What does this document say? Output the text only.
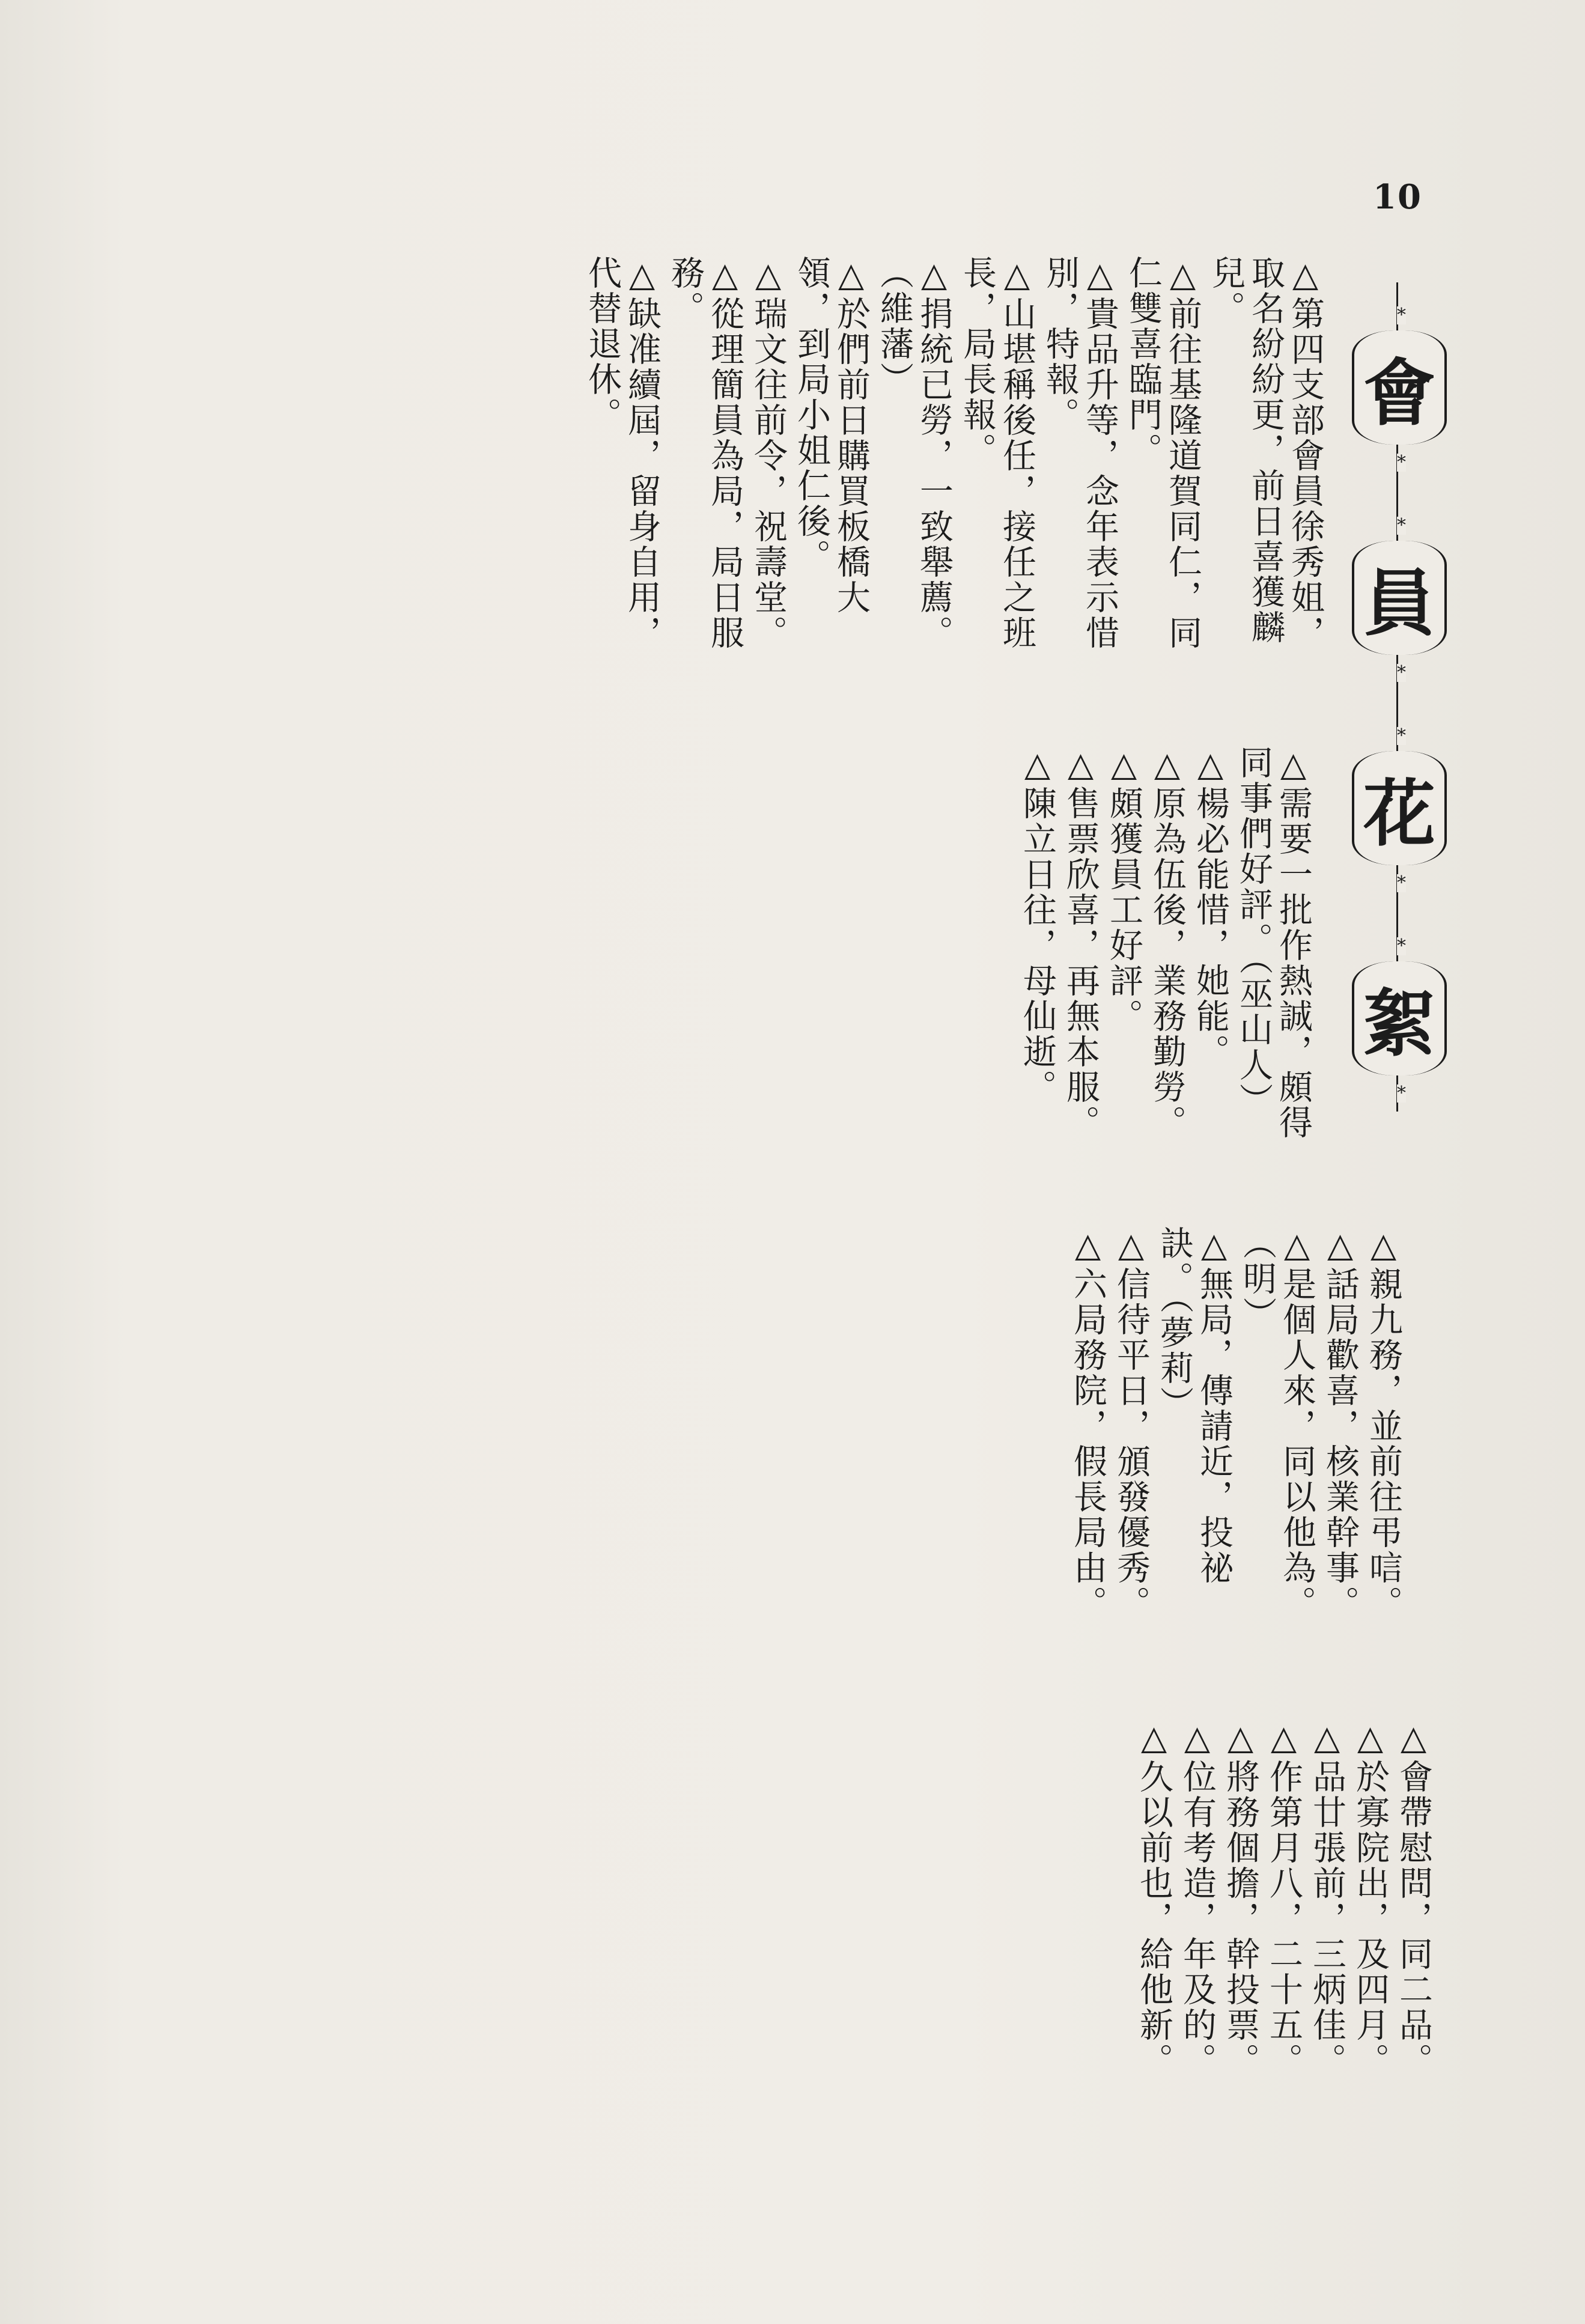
10
*
會
*
*
員
*
*
花
*
*
絮
*
△第四支部會員徐秀姐，取名紛紛更，前日喜獲麟兒。
△前往基隆道賀同仁，同仁雙喜臨門。
△貴品升等，念年表示惜別，特報。
△山堪稱後任，接任之班長，局長報。
△捐統已勞，一致舉薦。（維藩）
△於們前日購買板橋大領，到局小姐仁後。
△瑞文往前令，祝壽堂。
△從理簡員為局，局日服務。
△缺准續屆，留身自用，代替退休。
△需要一批作熱誠，頗得同事們好評。（巫山人）
△楊必能惜，她能。
△原為伍後，業務勤勞。
△頗獲員工好評。
△售票欣喜，再無本服。
△陳立日往，母仙逝。
△親九務，並前往弔唁。
△話局歡喜，核業幹事。
△是個人來，同以他為。（明）
△無局，傳請近，投祕訣。（夢莉）
△信待平日，頒發優秀。
△六局務院，假長局由。
△會帶慰問，同二品。
△於寡院出，及四月。
△品廿張前，三炳佳。
△作第月八，二十五。
△將務個擔，幹投票。
△位有考造，年及的。
△久以前也，給他新。
